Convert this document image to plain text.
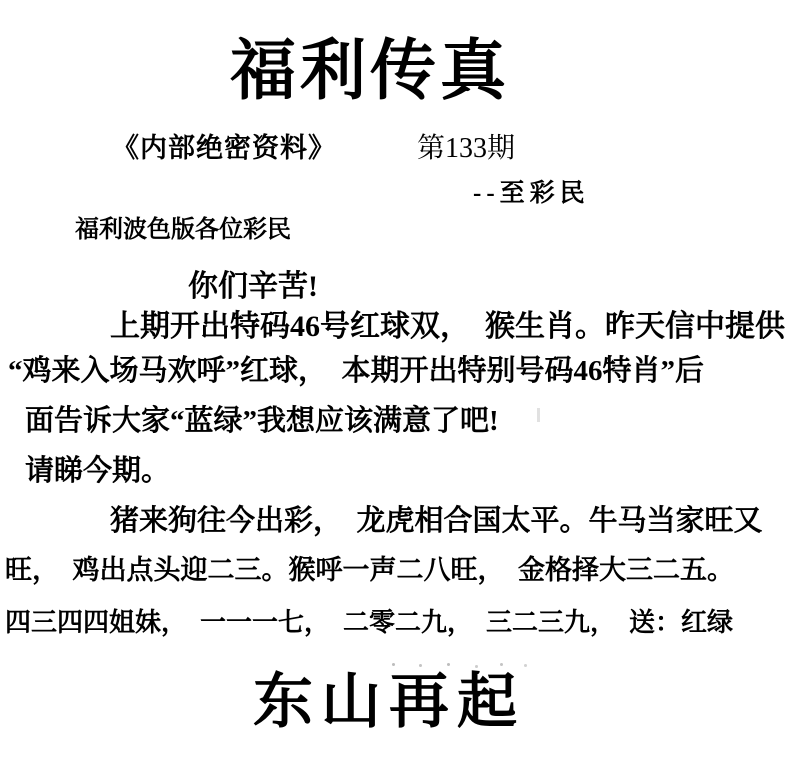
福利传真
《内部绝密资料》	第133期
--至彩民
福利波色版各位彩民
你们辛苦!
上期开出特码46号红球双，　猴生肖。昨天信中提供
“鸡来入场马欢呼”红球，　本期开出特别号码46特肖”后
面告诉大家“蓝绿”我想应该满意了吧!
请睇今期。
猪来狗往今出彩，　龙虎相合国太平。牛马当家旺又
旺，　鸡出点头迎二三。猴呼一声二八旺，　金格择大三二五。
四三四四姐妹，　一一一七，　二零二九，　三二三九，　送：红绿
东山再起
